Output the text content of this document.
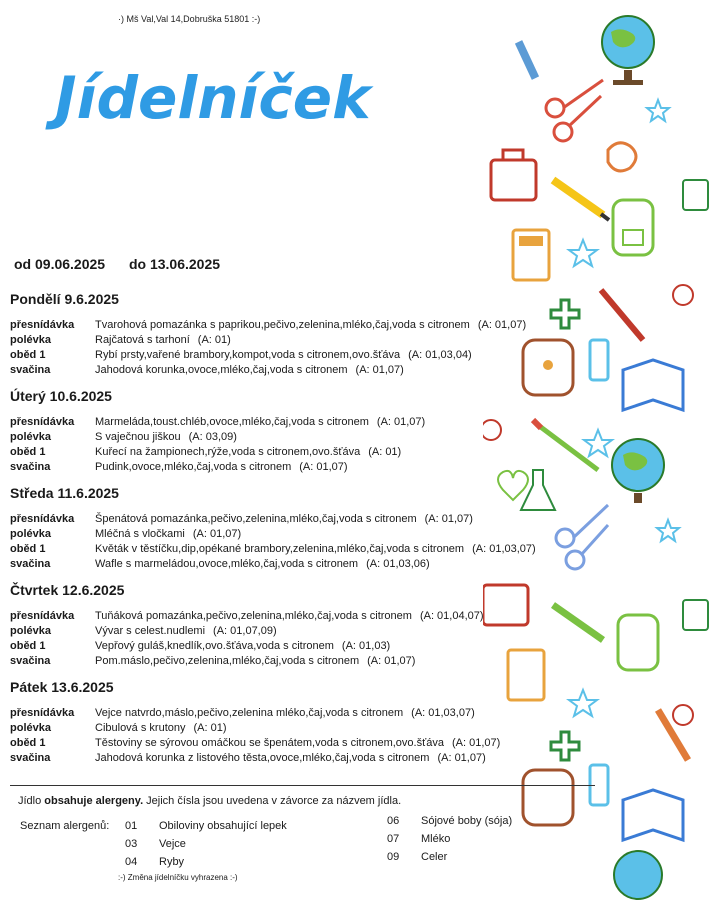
·) Mš Val,Val 14,Dobruška 51801 :-)
Jídelníček
od 09.06.2025 do 13.06.2025
Pondělí 9.6.2025
přesnídávka	Tvarohová pomazánka s paprikou,pečivo,zelenina,mléko,čaj,voda s citronem (A: 01,07)
polévka	Rajčatová s tarhoní (A: 01)
oběd 1	Rybí prsty,vařené brambory,kompot,voda s citronem,ovo.šťáva (A: 01,03,04)
svačina	Jahodová korunka,ovoce,mléko,čaj,voda s citronem (A: 01,07)
Úterý 10.6.2025
přesnídávka	Marmeláda,toust.chléb,ovoce,mléko,čaj,voda s citronem (A: 01,07)
polévka	S vaječnou jiškou (A: 03,09)
oběd 1	Kuřecí na žampionech,rýže,voda s citronem,ovo.šťáva (A: 01)
svačina	Pudink,ovoce,mléko,čaj,voda s citronem (A: 01,07)
Středa 11.6.2025
přesnídávka	Špenátová pomazánka,pečivo,zelenina,mléko,čaj,voda s citronem (A: 01,07)
polévka	Mléčná s vločkami (A: 01,07)
oběd 1	Květák v těstíčku,dip,opékané brambory,zelenina,mléko,čaj,voda s citronem (A: 01,03,07)
svačina	Wafle s marmeládou,ovoce,mléko,čaj,voda s citronem (A: 01,03,06)
Čtvrtek 12.6.2025
přesnídávka	Tuňáková pomazánka,pečivo,zelenina,mléko,čaj,voda s citronem (A: 01,04,07)
polévka	Vývar s celest.nudlemi (A: 01,07,09)
oběd 1	Vepřový guláš,knedlík,ovo.šťáva,voda s citronem (A: 01,03)
svačina	Pom.máslo,pečivo,zelenina,mléko,čaj,voda s citronem (A: 01,07)
Pátek 13.6.2025
přesnídávka	Vejce natvrdo,máslo,pečivo,zelenina mléko,čaj,voda s citronem (A: 01,03,07)
polévka	Cibulová s krutony (A: 01)
oběd 1	Těstoviny se sýrovou omáčkou se špenátem,voda s citronem,ovo.šťáva (A: 01,07)
svačina	Jahodová korunka z listového těsta,ovoce,mléko,čaj,voda s citronem (A: 01,07)
Jídlo obsahuje alergeny. Jejich čísla jsou uvedena v závorce za názvem jídla.
Seznam alergenů: 01 Obiloviny obsahující lepek
03 Vejce
04 Ryby
06 Sójové boby (sója)
07 Mléko
09 Celer
:-) Změna jídelníčku vyhrazena :-)
